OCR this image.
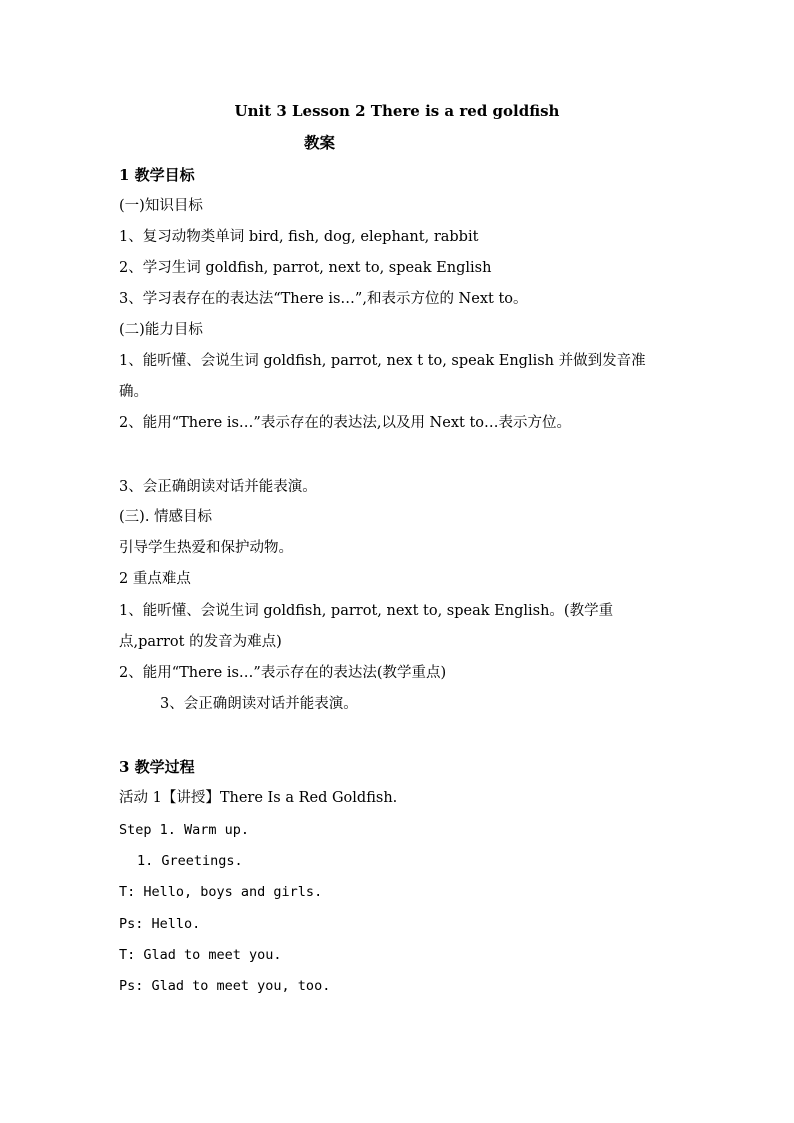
Unit 3 Lesson 2 There is a red goldfish
教案
1 教学目标
(一)知识目标
1、复习动物类单词 bird, fish, dog, elephant, rabbit
2、学习生词 goldfish, parrot, next to, speak English
3、学习表存在的表达法“There is…”,和表示方位的 Next to。
(二)能力目标
1、能听懂、会说生词 goldfish, parrot, nex t to, speak English 并做到发音准
确。
2、能用“There is…”表示存在的表达法,以及用 Next to…表示方位。
3、会正确朗读对话并能表演。
(三). 情感目标
引导学生热爱和保护动物。
2 重点难点
1、能听懂、会说生词 goldfish, parrot, next to, speak English。(教学重
点,parrot 的发音为难点)
2、能用“There is…”表示存在的表达法(教学重点)
3、会正确朗读对话并能表演。
3 教学过程
活动 1【讲授】There Is a Red Goldfish.
Step 1. Warm up.
1. Greetings.
T: Hello, boys and girls.
Ps: Hello.
T: Glad to meet you.
Ps: Glad to meet you, too.
